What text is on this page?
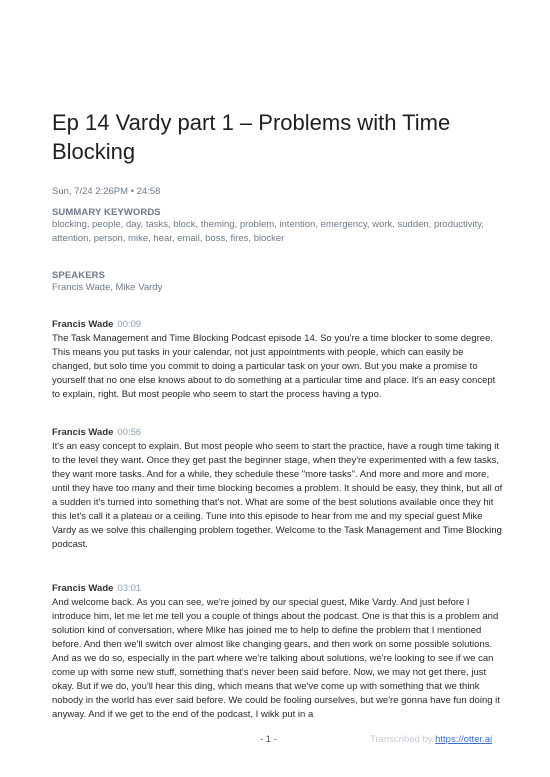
Ep 14 Vardy part 1 – Problems with Time Blocking
Sun, 7/24 2:26PM • 24:58

SUMMARY KEYWORDS

blocking, people, day, tasks, block, theming, problem, intention, emergency, work, sudden, productivity, attention, person, mike, hear, email, boss, fires, blocker

SPEAKERS

Francis Wade, Mike Vardy

Francis Wade 00:09

The Task Management and Time Blocking Podcast episode 14. So you're a time blocker to some degree. This means you put tasks in your calendar, not just appointments with people, which can easily be changed, but solo time you commit to doing a particular task on your own. But you make a promise to yourself that no one else knows about to do something at a particular time and place. It's an easy concept to explain, right. But most people who seem to start the process having a typo.

Francis Wade 00:56

It's an easy concept to explain. But most people who seem to start the practice, have a rough time taking it to the level they want. Once they get past the beginner stage, when they're experimented with a few tasks, they want more tasks. And for a while, they schedule these "more tasks". And more and more and more, until they have too many and their time blocking becomes a problem. It should be easy, they think, but all of a sudden it's turned into something that's not. What are some of the best solutions available once they hit this let's call it a plateau or a ceiling. Tune into this episode to hear from me and my special guest Mike Vardy as we solve this challenging problem together. Welcome to the Task Management and Time Blocking podcast.

Francis Wade 03:01

And welcome back. As you can see, we're joined by our special guest, Mike Vardy. And just before I introduce him, let me let me tell you a couple of things about the podcast. One is that this is a problem and solution kind of conversation, where Mike has joined me to help to define the problem that I mentioned before. And then we'll switch over almost like changing gears, and then work on some possible solutions. And as we do so, especially in the part where we're talking about solutions, we're looking to see if we can come up with some new stuff, something that's never been said before. Now, we may not get there, just okay. But if we do, you'll hear this ding, which means that we've come up with something that we think nobody in the world has ever said before. We could be fooling ourselves, but we're gonna have fun doing it anyway. And if we get to the end of the podcast, I wikk put in a

- 1 -	Transcribed by https://otter.ai
